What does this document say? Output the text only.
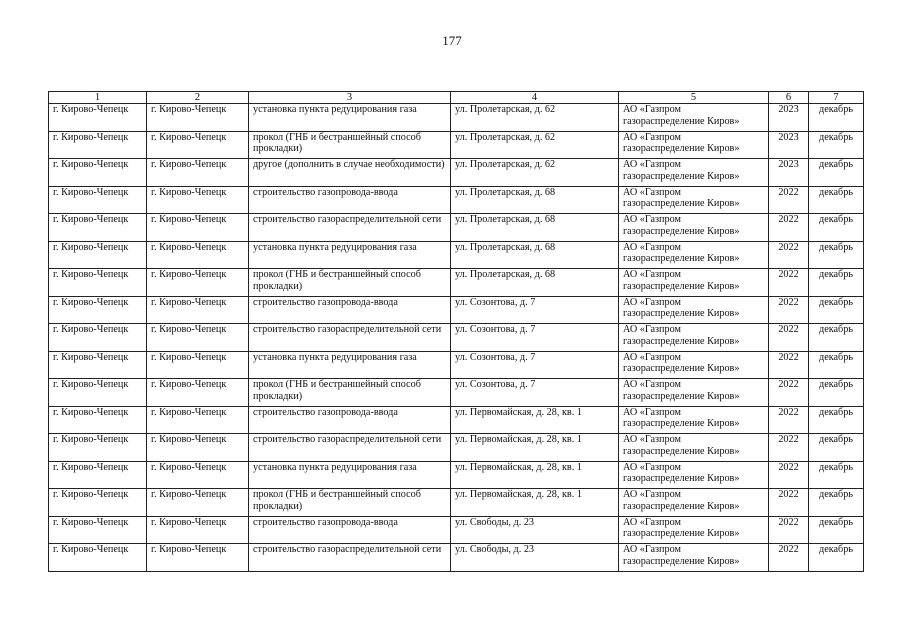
177
1	2	3	4	5	6	7
г. Кирово-Чепецк	г. Кирово-Чепецк	установка пункта редуцирования газа	ул. Пролетарская, д. 62	АО «Газпром газораспределение Киров»	2023	декабрь
г. Кирово-Чепецк	г. Кирово-Чепецк	прокол (ГНБ и бестраншейный способ прокладки)	ул. Пролетарская, д. 62	АО «Газпром газораспределение Киров»	2023	декабрь
г. Кирово-Чепецк	г. Кирово-Чепецк	другое (дополнить в случае необходимости)	ул. Пролетарская, д. 62	АО «Газпром газораспределение Киров»	2023	декабрь
г. Кирово-Чепецк	г. Кирово-Чепецк	строительство газопровода-ввода	ул. Пролетарская, д. 68	АО «Газпром газораспределение Киров»	2022	декабрь
г. Кирово-Чепецк	г. Кирово-Чепецк	строительство газораспределительной сети	ул. Пролетарская, д. 68	АО «Газпром газораспределение Киров»	2022	декабрь
г. Кирово-Чепецк	г. Кирово-Чепецк	установка пункта редуцирования газа	ул. Пролетарская, д. 68	АО «Газпром газораспределение Киров»	2022	декабрь
г. Кирово-Чепецк	г. Кирово-Чепецк	прокол (ГНБ и бестраншейный способ прокладки)	ул. Пролетарская, д. 68	АО «Газпром газораспределение Киров»	2022	декабрь
г. Кирово-Чепецк	г. Кирово-Чепецк	строительство газопровода-ввода	ул. Созонтова, д. 7	АО «Газпром газораспределение Киров»	2022	декабрь
г. Кирово-Чепецк	г. Кирово-Чепецк	строительство газораспределительной сети	ул. Созонтова, д. 7	АО «Газпром газораспределение Киров»	2022	декабрь
г. Кирово-Чепецк	г. Кирово-Чепецк	установка пункта редуцирования газа	ул. Созонтова, д. 7	АО «Газпром газораспределение Киров»	2022	декабрь
г. Кирово-Чепецк	г. Кирово-Чепецк	прокол (ГНБ и бестраншейный способ прокладки)	ул. Созонтова, д. 7	АО «Газпром газораспределение Киров»	2022	декабрь
г. Кирово-Чепецк	г. Кирово-Чепецк	строительство газопровода-ввода	ул. Первомайская, д. 28, кв. 1	АО «Газпром газораспределение Киров»	2022	декабрь
г. Кирово-Чепецк	г. Кирово-Чепецк	строительство газораспределительной сети	ул. Первомайская, д. 28, кв. 1	АО «Газпром газораспределение Киров»	2022	декабрь
г. Кирово-Чепецк	г. Кирово-Чепецк	установка пункта редуцирования газа	ул. Первомайская, д. 28, кв. 1	АО «Газпром газораспределение Киров»	2022	декабрь
г. Кирово-Чепецк	г. Кирово-Чепецк	прокол (ГНБ и бестраншейный способ прокладки)	ул. Первомайская, д. 28, кв. 1	АО «Газпром газораспределение Киров»	2022	декабрь
г. Кирово-Чепецк	г. Кирово-Чепецк	строительство газопровода-ввода	ул. Свободы, д. 23	АО «Газпром газораспределение Киров»	2022	декабрь
г. Кирово-Чепецк	г. Кирово-Чепецк	строительство газораспределительной сети	ул. Свободы, д. 23	АО «Газпром газораспределение Киров»	2022	декабрь
